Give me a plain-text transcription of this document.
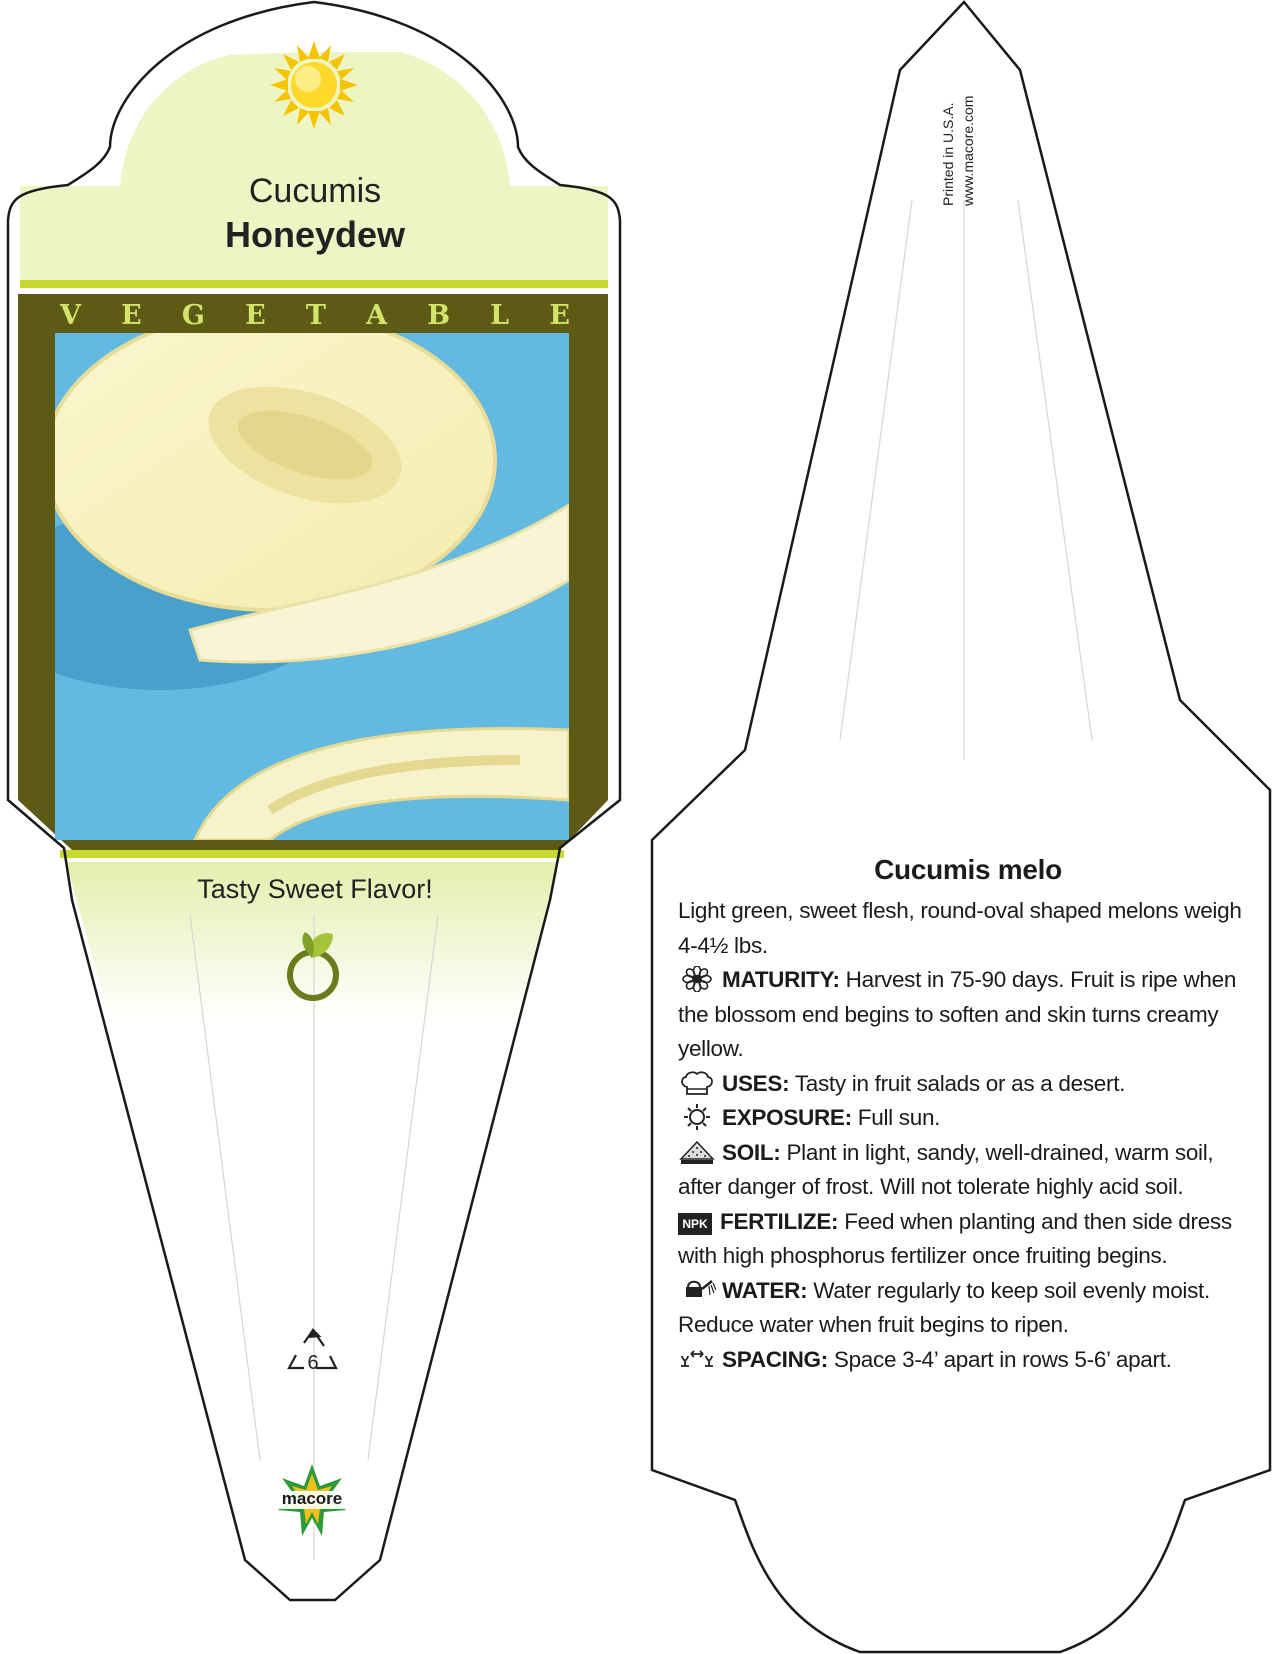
Cucumis
Honeydew
V E G E T A B L E
Tasty Sweet Flavor!
6
macore
Printed in U.S.A. www.macore.com
Cucumis melo

Light green, sweet flesh, round-oval shaped melons weigh 4-4½ lbs.

MATURITY: Harvest in 75-90 days. Fruit is ripe when the blossom end begins to soften and skin turns creamy yellow.

USES: Tasty in fruit salads or as a desert.

EXPOSURE: Full sun.

SOIL: Plant in light, sandy, well-drained, warm soil, after danger of frost. Will not tolerate highly acid soil.

NPK FERTILIZE: Feed when planting and then side dress with high phosphorus fertilizer once fruiting begins.

WATER: Water regularly to keep soil evenly moist. Reduce water when fruit begins to ripen.

SPACING: Space 3-4’ apart in rows 5-6’ apart.
